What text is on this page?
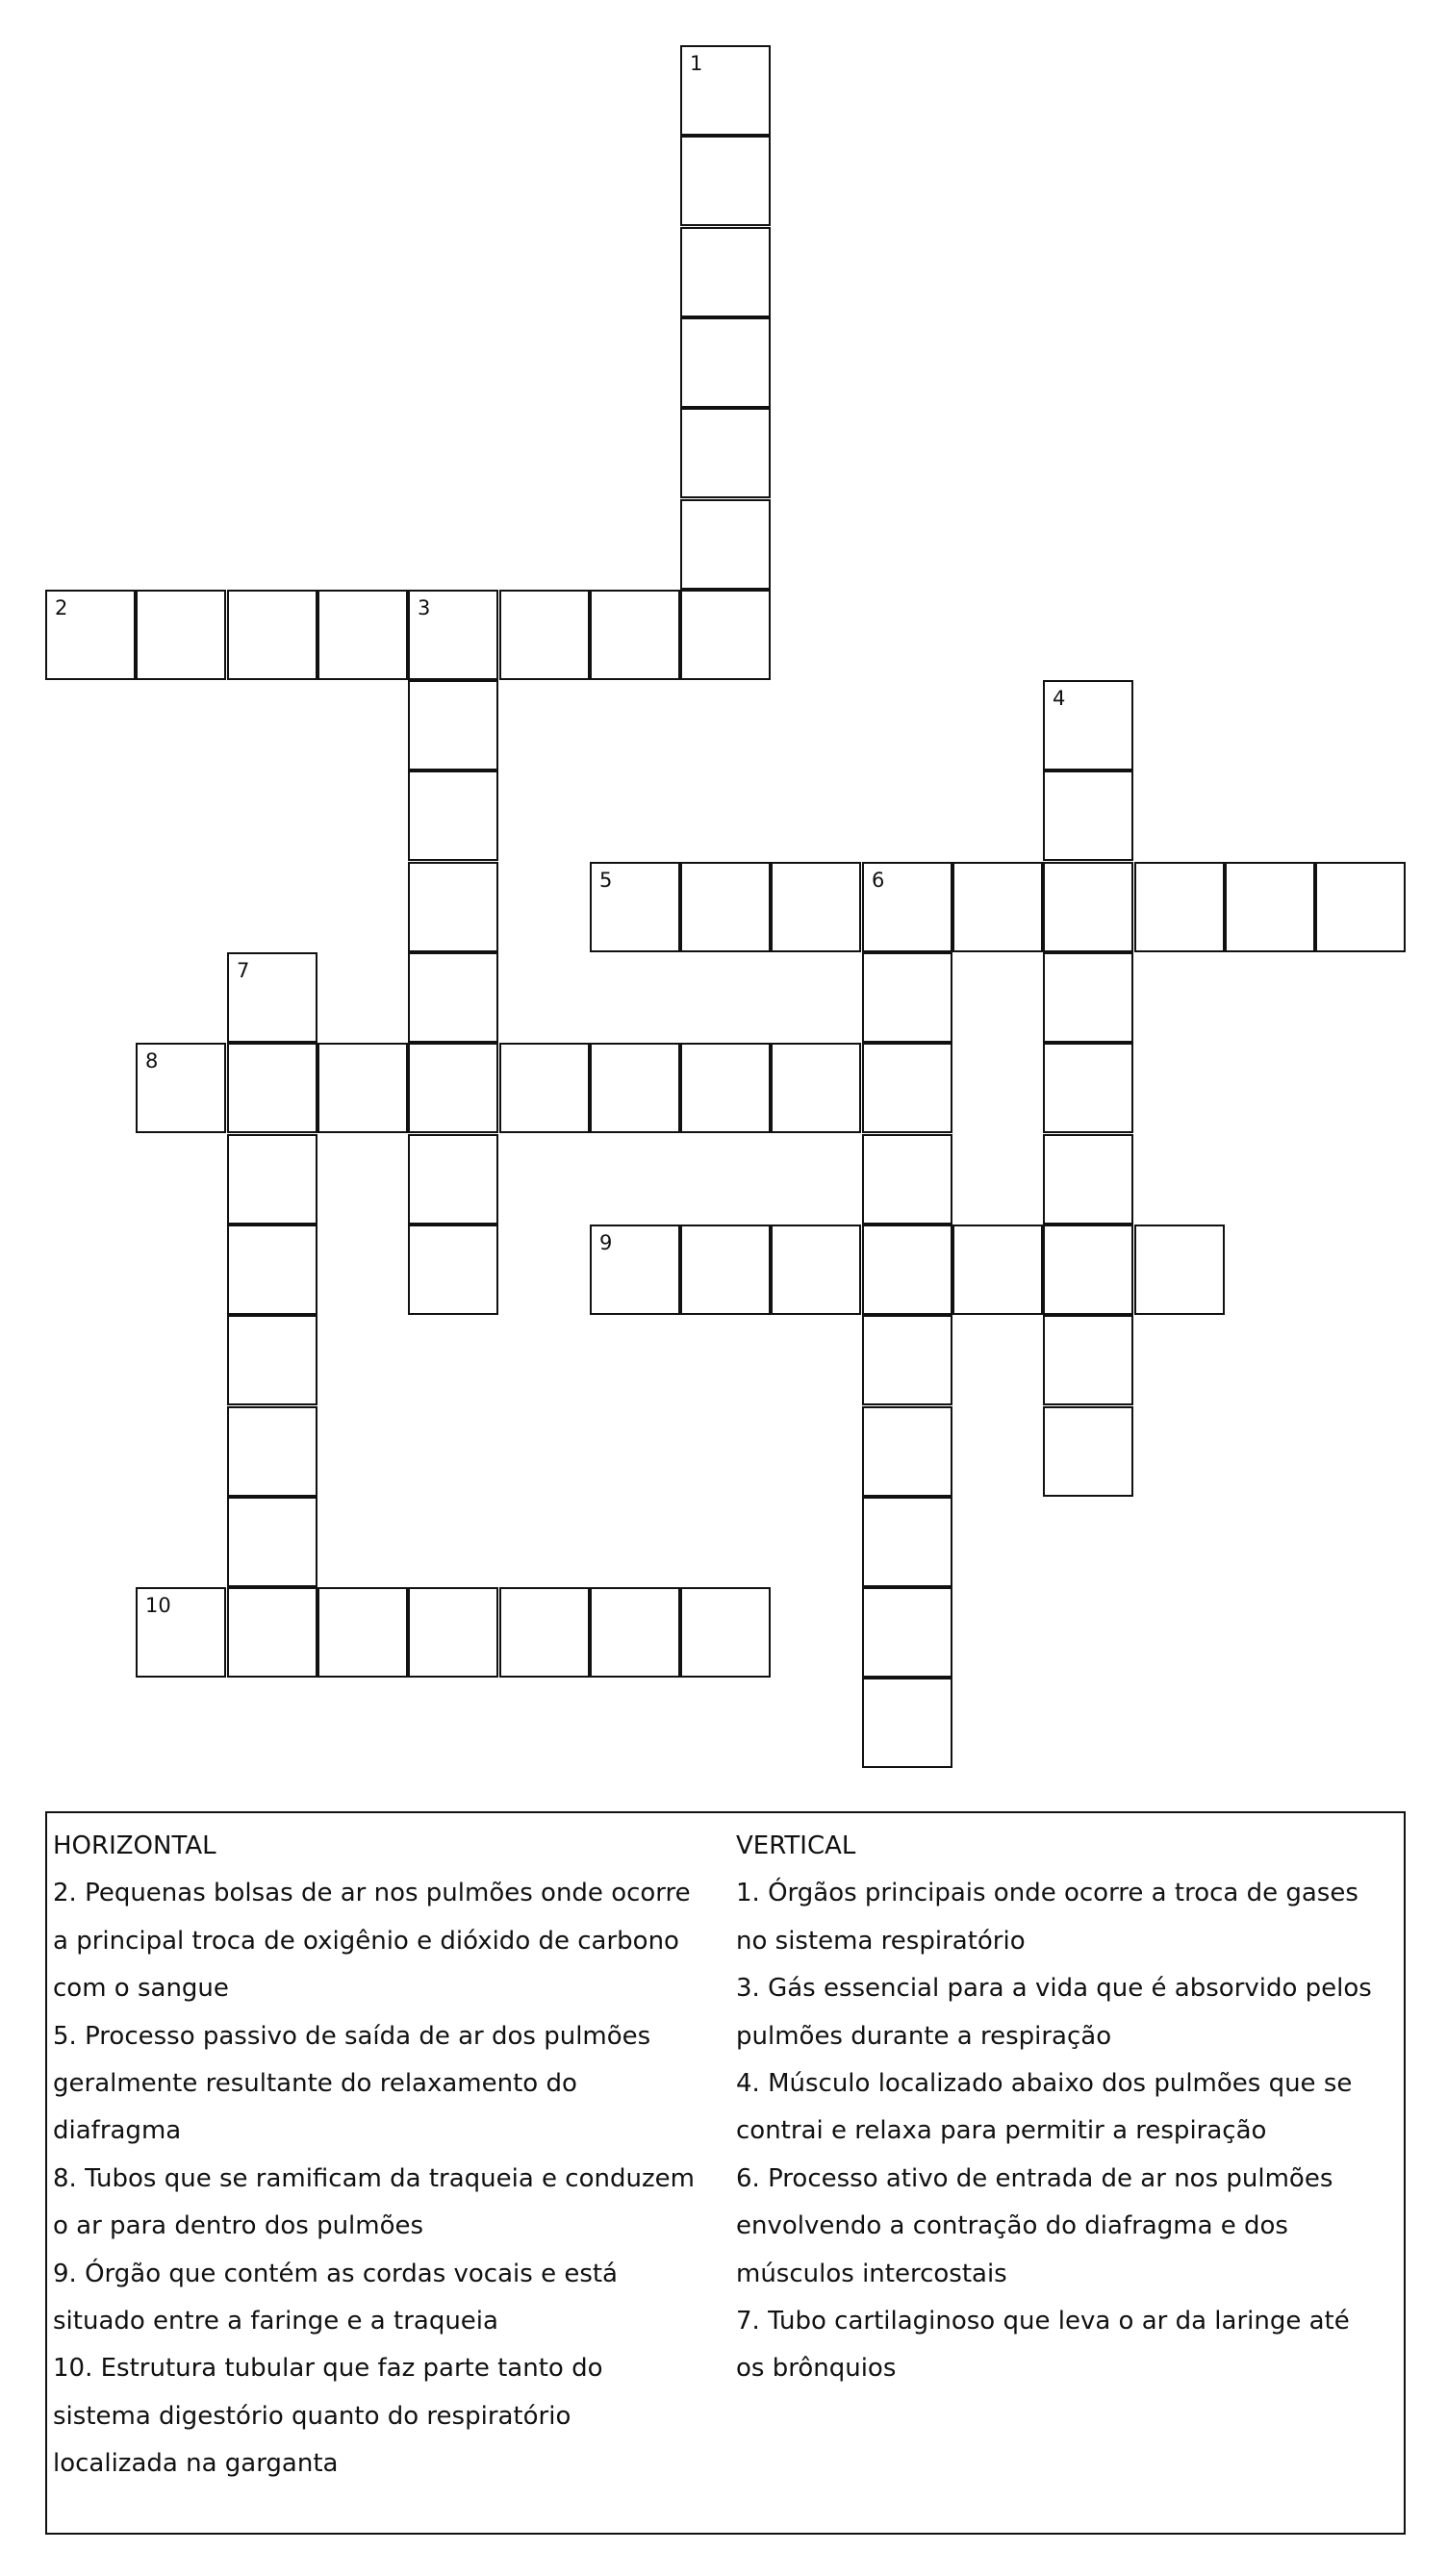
1
2	3
4
5	6
7
8
9
10
HORIZONTAL
2. Pequenas bolsas de ar nos pulmões onde ocorre
a principal troca de oxigênio e dióxido de carbono
com o sangue
5. Processo passivo de saída de ar dos pulmões
geralmente resultante do relaxamento do
diafragma
8. Tubos que se ramificam da traqueia e conduzem
o ar para dentro dos pulmões
9. Órgão que contém as cordas vocais e está
situado entre a faringe e a traqueia
10. Estrutura tubular que faz parte tanto do
sistema digestório quanto do respiratório
localizada na garganta
VERTICAL
1. Órgãos principais onde ocorre a troca de gases
no sistema respiratório
3. Gás essencial para a vida que é absorvido pelos
pulmões durante a respiração
4. Músculo localizado abaixo dos pulmões que se
contrai e relaxa para permitir a respiração
6. Processo ativo de entrada de ar nos pulmões
envolvendo a contração do diafragma e dos
músculos intercostais
7. Tubo cartilaginoso que leva o ar da laringe até
os brônquios
